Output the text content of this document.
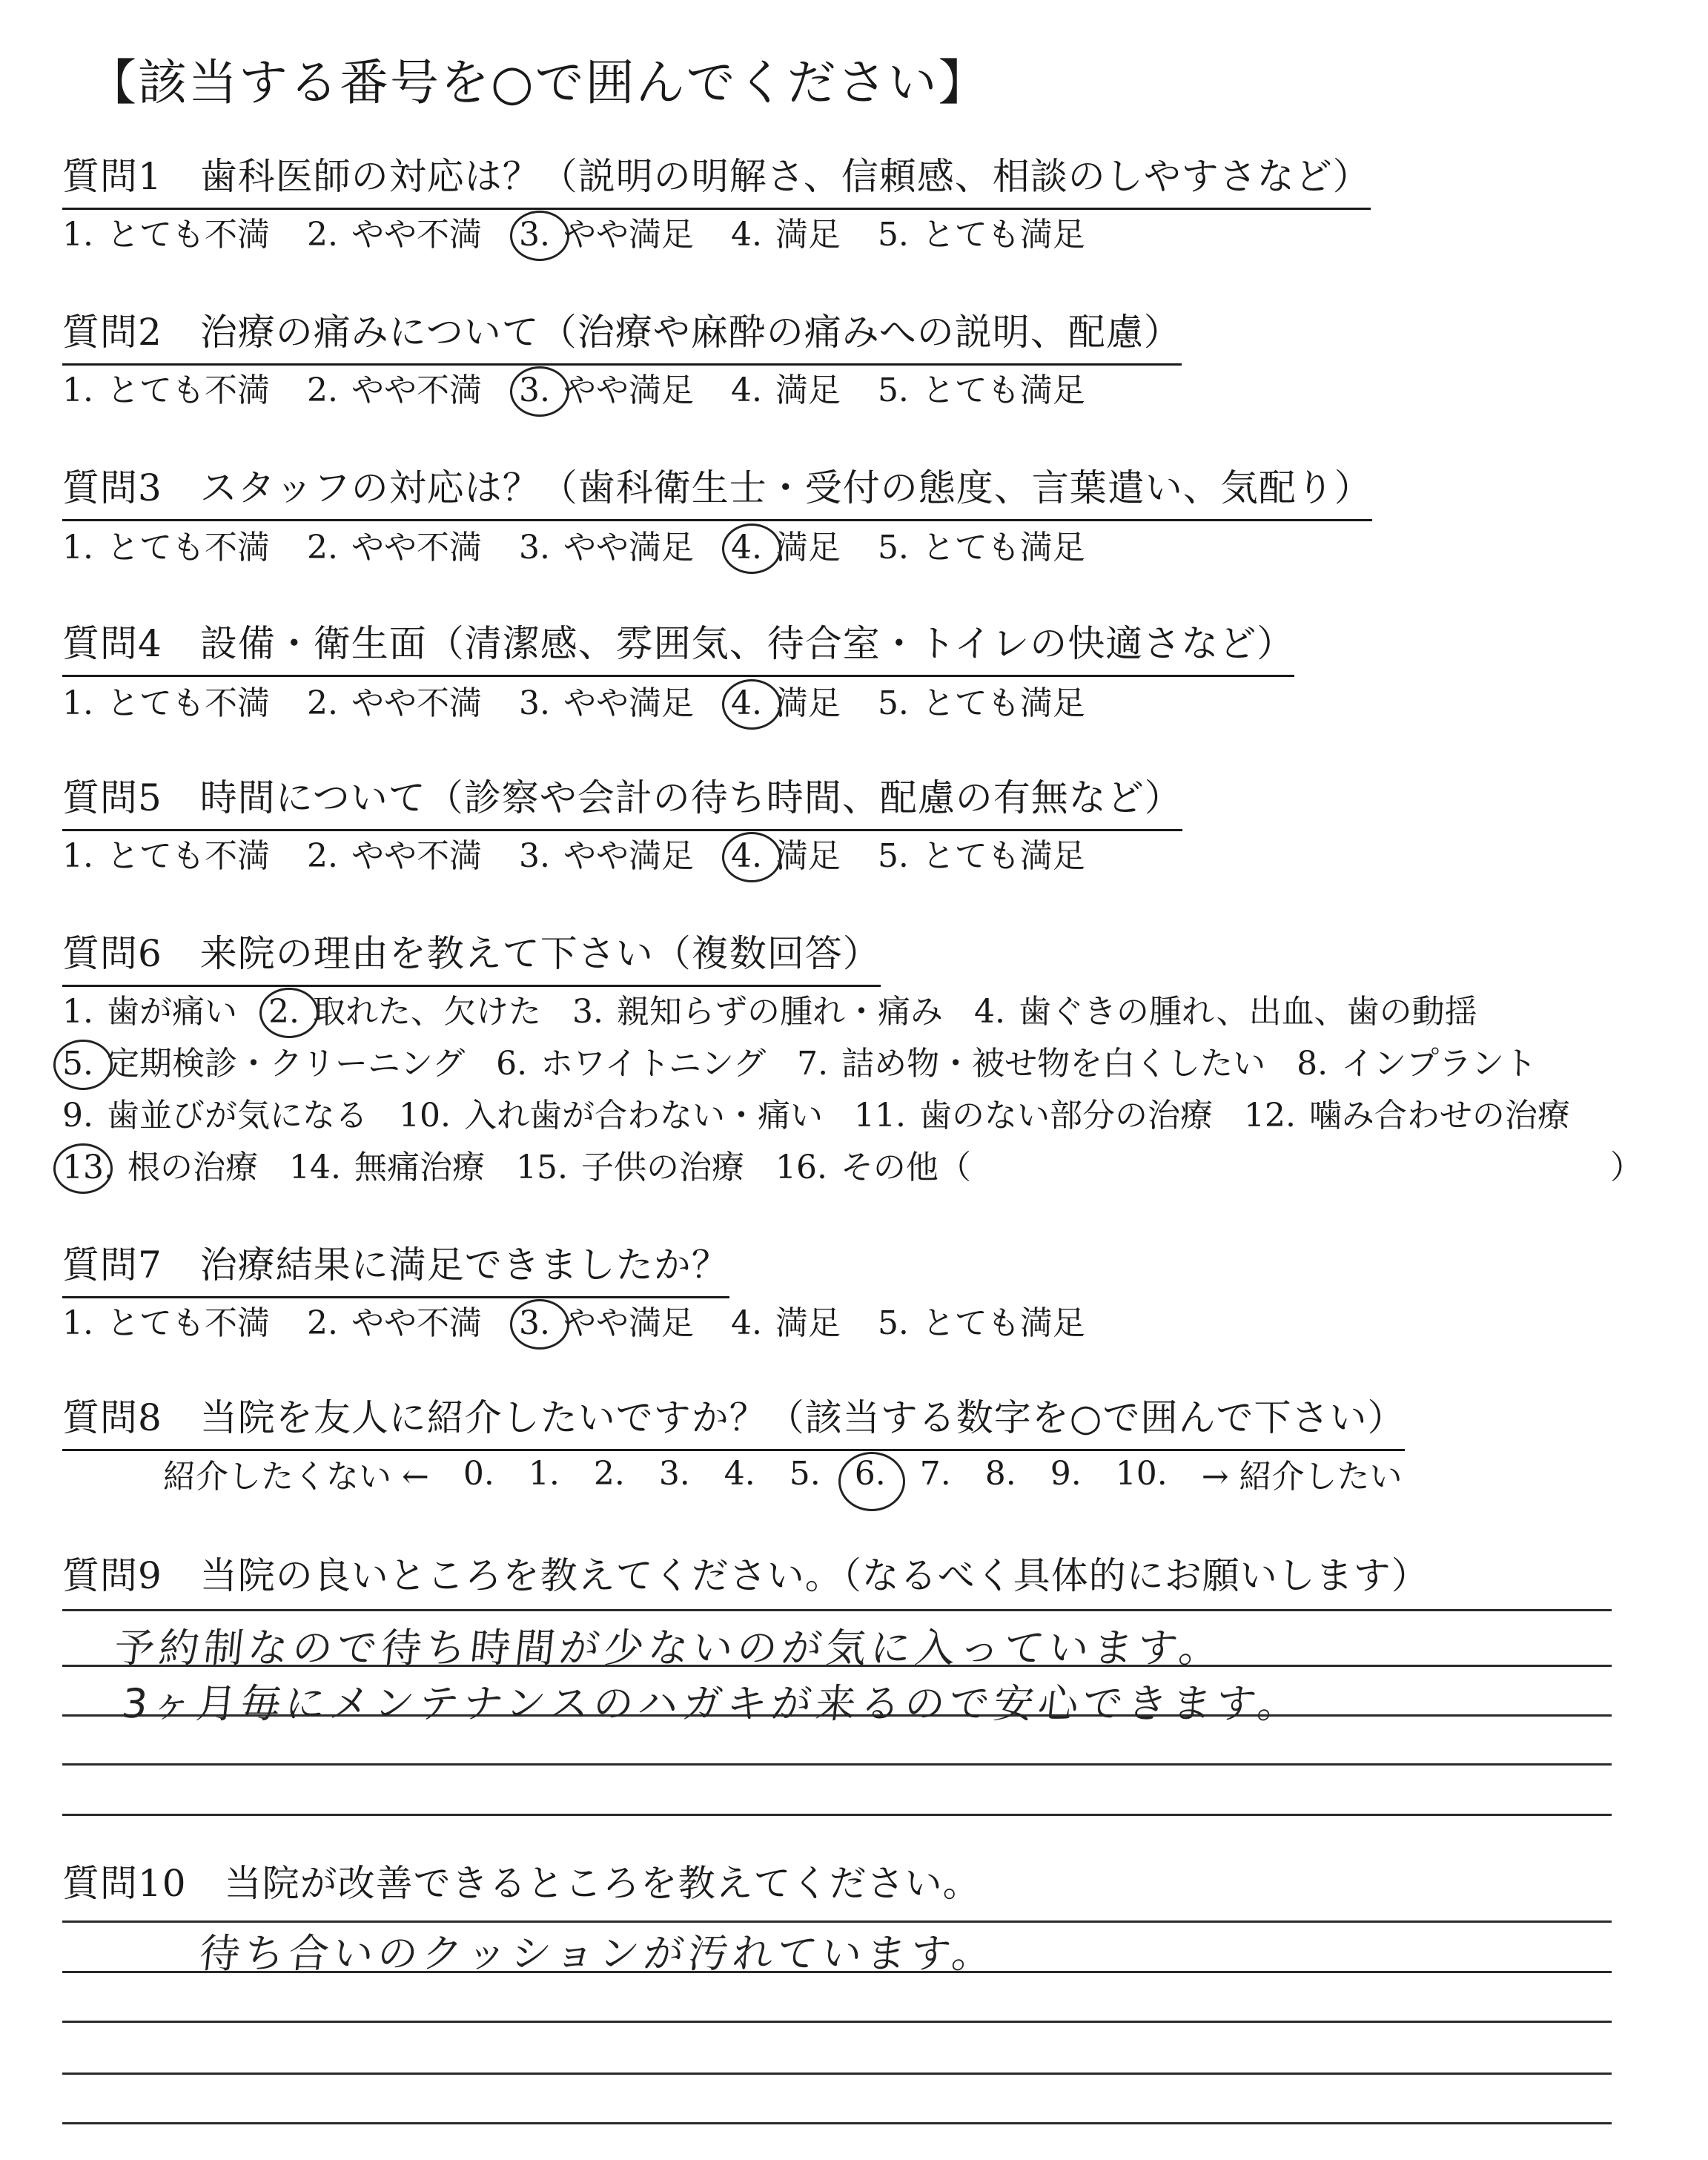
【該当する番号を○で囲んでください】
質問1　歯科医師の対応は？（説明の明解さ、信頼感、相談のしやすさなど）
1. とても不満 2. やや不満 3. やや満足 4. 満足 5. とても満足
質問2　治療の痛みについて（治療や麻酔の痛みへの説明、配慮）
1. とても不満 2. やや不満 3. やや満足 4. 満足 5. とても満足
質問3　スタッフの対応は？（歯科衛生士・受付の態度、言葉遣い、気配り）
1. とても不満 2. やや不満 3. やや満足 4. 満足 5. とても満足
質問4　設備・衛生面（清潔感、雰囲気、待合室・トイレの快適さなど）
1. とても不満 2. やや不満 3. やや満足 4. 満足 5. とても満足
質問5　時間について（診察や会計の待ち時間、配慮の有無など）
1. とても不満 2. やや不満 3. やや満足 4. 満足 5. とても満足
質問6　来院の理由を教えて下さい（複数回答）
1. 歯が痛い 2. 取れた、欠けた 3. 親知らずの腫れ・痛み 4. 歯ぐきの腫れ、出血、歯の動揺
5. 定期検診・クリーニング 6. ホワイトニング 7. 詰め物・被せ物を白くしたい 8. インプラント
9. 歯並びが気になる 10. 入れ歯が合わない・痛い 11. 歯のない部分の治療 12. 噛み合わせの治療
13. 根の治療 14. 無痛治療 15. 子供の治療 16. その他（	）
質問7　治療結果に満足できましたか？
1. とても不満 2. やや不満 3. やや満足 4. 満足 5. とても満足
質問8　当院を友人に紹介したいですか？（該当する数字を○で囲んで下さい）
紹介したくない ← 0. 1. 2. 3. 4. 5. 6. 7. 8. 9. 10. → 紹介したい
質問9　当院の良いところを教えてください。（なるべく具体的にお願いします）
予約制なので待ち時間が少ないのが気に入っています。
3ヶ月毎にメンテナンスのハガキが来るので安心できます。
質問10　当院が改善できるところを教えてください。
待ち合いのクッションが汚れています。
